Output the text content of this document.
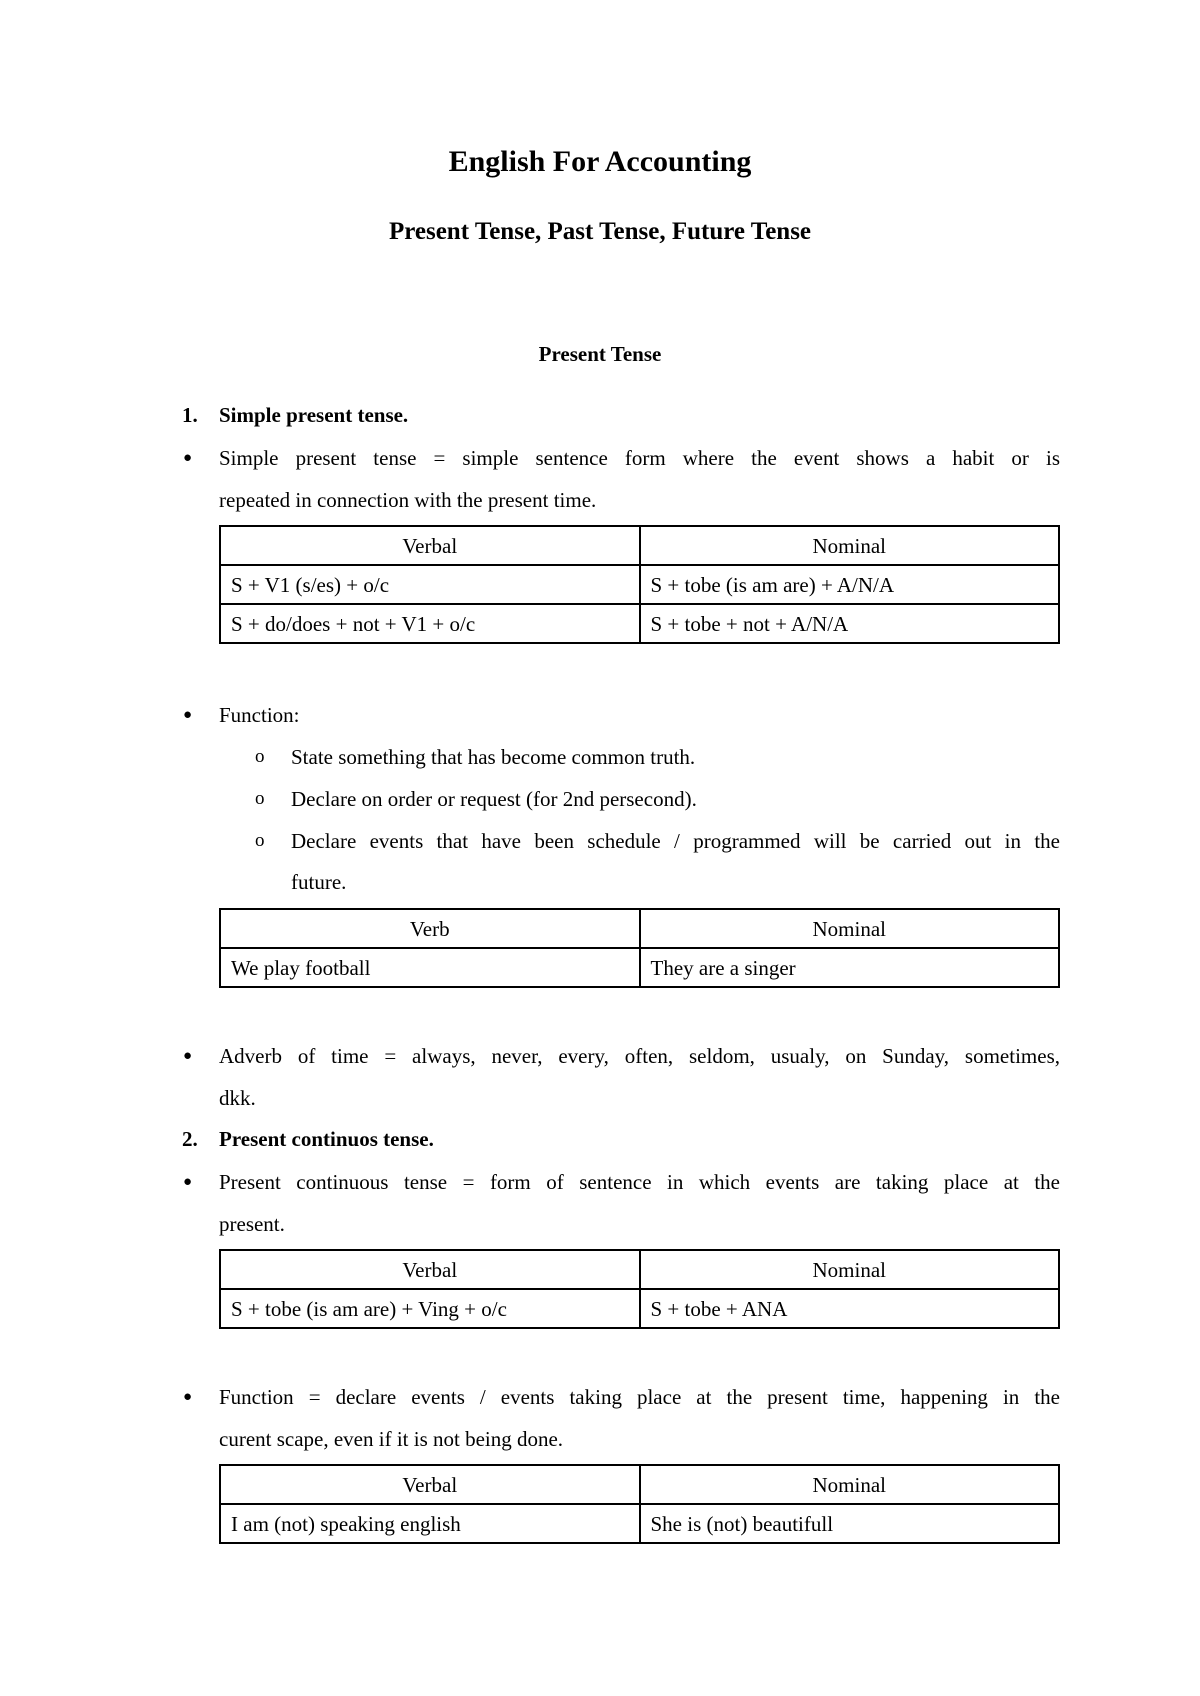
English For Accounting
Present Tense, Past Tense, Future Tense
Present Tense
1. Simple present tense.
● Simple present tense = simple sentence form where the event shows a habit or is
repeated in connection with the present time.
Verbal	Nominal
S + V1 (s/es) + o/c	S + tobe (is am are) + A/N/A
S + do/does + not + V1 + o/c	S + tobe + not + A/N/A
● Function:
o State something that has become common truth.
o Declare on order or request (for 2nd persecond).
o Declare events that have been schedule / programmed will be carried out in the
future.
Verb	Nominal
We play football	They are a singer
● Adverb of time = always, never, every, often, seldom, usualy, on Sunday, sometimes,
dkk.
2. Present continuos tense.
● Present continuous tense = form of sentence in which events are taking place at the
present.
Verbal	Nominal
S + tobe (is am are) + Ving + o/c	S + tobe + ANA
● Function = declare events / events taking place at the present time, happening in the
curent scape, even if it is not being done.
Verbal	Nominal
I am (not) speaking english	She is (not) beautifull
